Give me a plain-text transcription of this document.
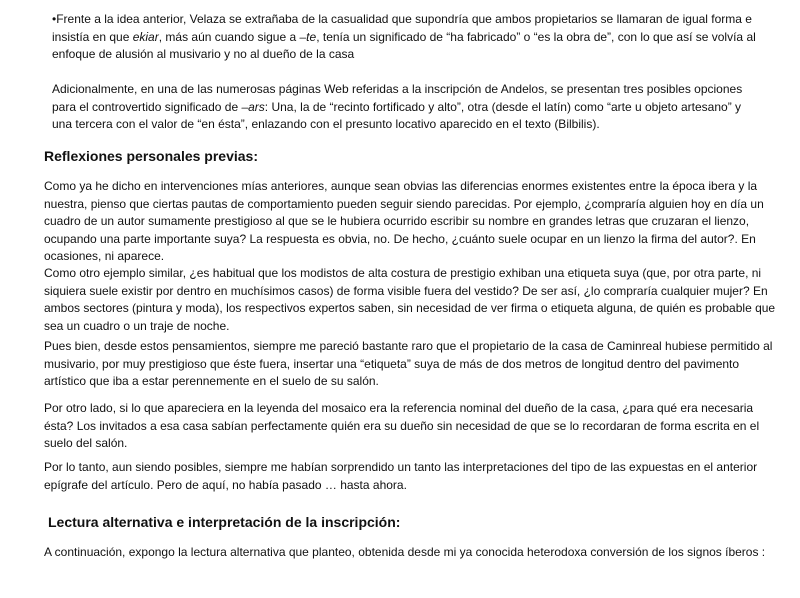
•Frente a la idea anterior, Velaza se extrañaba de la casualidad que supondría que ambos propietarios se llamaran de igual forma e insistía en que ekiar, más aún cuando sigue a –te, tenía un significado de “ha fabricado” o “es la obra de”, con lo que así se volvía al enfoque de alusión al musivario y no al dueño de la casa

Adicionalmente, en una de las numerosas páginas Web referidas a la inscripción de Andelos, se presentan tres posibles opciones para el controvertido significado de –ars: Una, la de “recinto fortificado y alto”, otra (desde el latín) como “arte u objeto artesano” y una tercera con el valor de “en ésta”, enlazando con el presunto locativo aparecido en el texto (Bilbilis).

Reflexiones personales previas:

Como ya he dicho en intervenciones mías anteriores, aunque sean obvias las diferencias enormes existentes entre la época ibera y la nuestra, pienso que ciertas pautas de comportamiento pueden seguir siendo parecidas. Por ejemplo, ¿compraría alguien hoy en día un cuadro de un autor sumamente prestigioso al que se le hubiera ocurrido escribir su nombre en grandes letras que cruzaran el lienzo, ocupando una parte importante suya? La respuesta es obvia, no. De hecho, ¿cuánto suele ocupar en un lienzo la firma del autor?. En ocasiones, ni aparece.

Como otro ejemplo similar, ¿es habitual que los modistos de alta costura de prestigio exhiban una etiqueta suya (que, por otra parte, ni siquiera suele existir por dentro en muchísimos casos) de forma visible fuera del vestido? De ser así, ¿lo compraría cualquier mujer? En ambos sectores (pintura y moda), los respectivos expertos saben, sin necesidad de ver firma o etiqueta alguna, de quién es probable que sea un cuadro o un traje de noche.

Pues bien, desde estos pensamientos, siempre me pareció bastante raro que el propietario de la casa de Caminreal hubiese permitido al musivario, por muy prestigioso que éste fuera, insertar una “etiqueta” suya de más de dos metros de longitud dentro del pavimento artístico que iba a estar perennemente en el suelo de su salón.

Por otro lado, si lo que apareciera en la leyenda del mosaico era la referencia nominal del dueño de la casa, ¿para qué era necesaria ésta? Los invitados a esa casa sabían perfectamente quién era su dueño sin necesidad de que se lo recordaran de forma escrita en el suelo del salón.

Por lo tanto, aun siendo posibles, siempre me habían sorprendido un tanto las interpretaciones del tipo de las expuestas en el anterior epígrafe del artículo. Pero de aquí, no había pasado … hasta ahora.

Lectura alternativa e interpretación de la inscripción:

A continuación, expongo la lectura alternativa que planteo, obtenida desde mi ya conocida heterodoxa conversión de los signos íberos :
